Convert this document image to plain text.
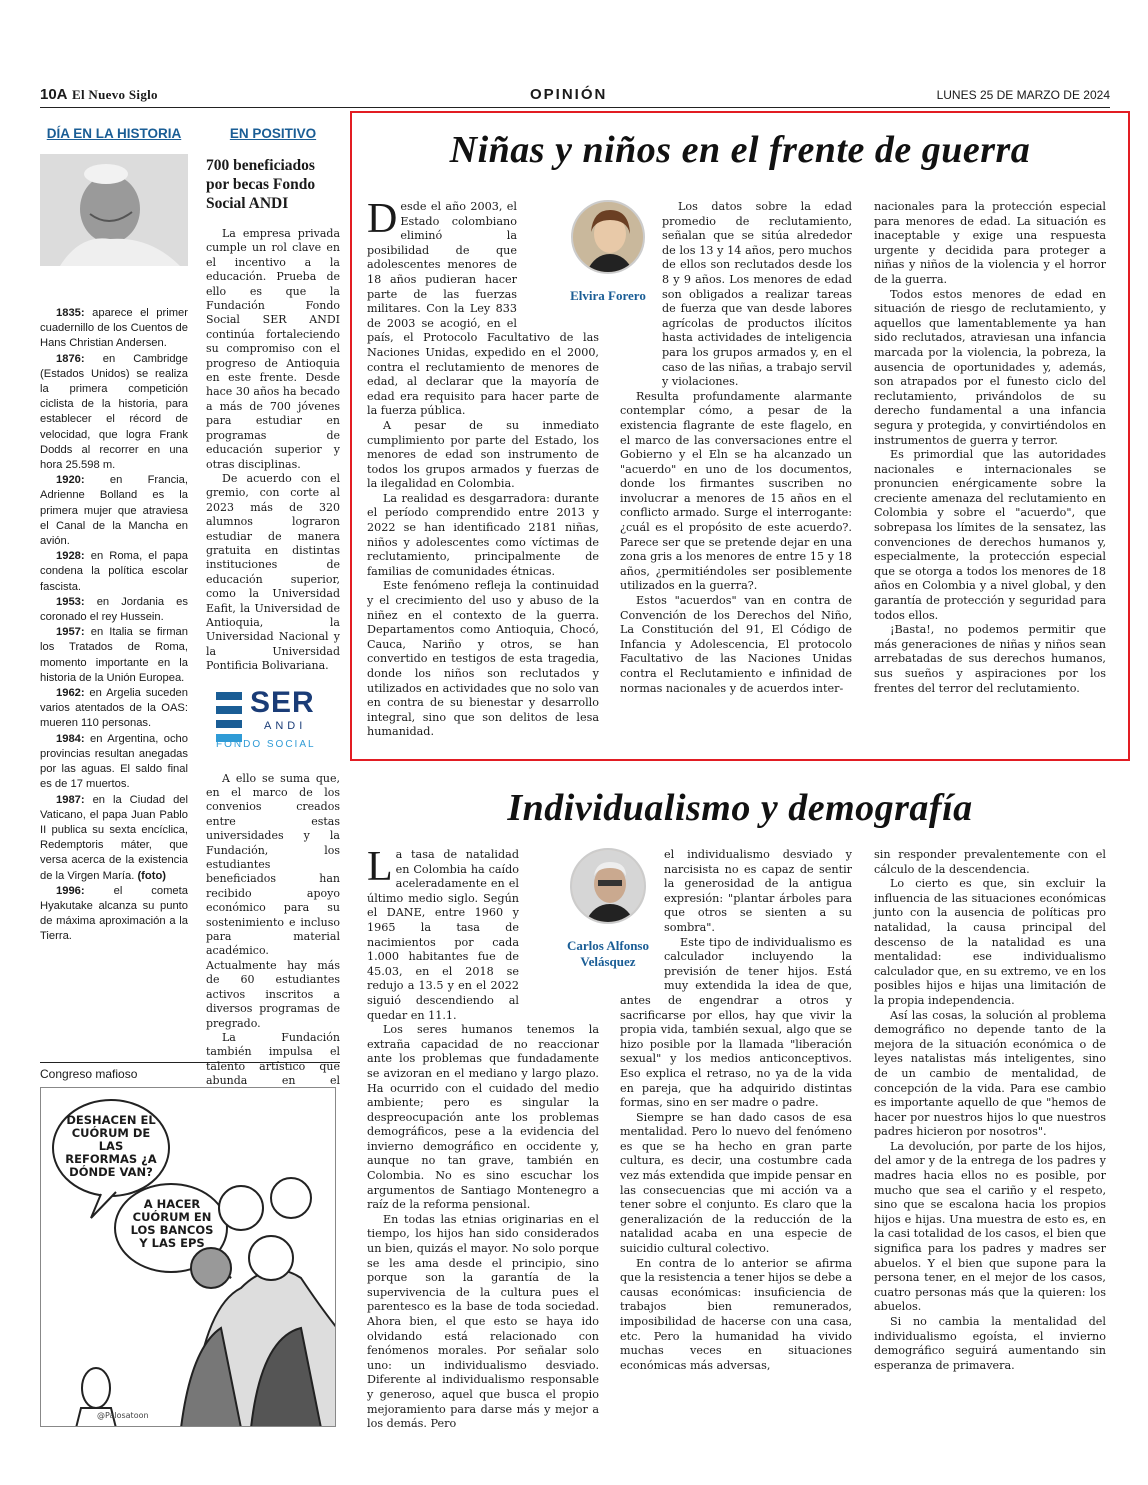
10A El Nuevo Siglo	OPINIÓN	LUNES 25 DE MARZO DE 2024
DÍA EN LA HISTORIA

1835: aparece el primer cuadernillo de los Cuentos de Hans Christian Andersen.

1876: en Cambridge (Estados Unidos) se realiza la primera competición ciclista de la historia, para establecer el récord de velocidad, que logra Frank Dodds al recorrer en una hora 25.598 m.

1920: en Francia, Adrienne Bolland es la primera mujer que atraviesa el Canal de la Mancha en avión.

1928: en Roma, el papa condena la política escolar fascista.

1953: en Jordania es coronado el rey Hussein.

1957: en Italia se firman los Tratados de Roma, momento importante en la historia de la Unión Europea.

1962: en Argelia suceden varios atentados de la OAS: mueren 110 personas.

1984: en Argentina, ocho provincias resultan anegadas por las aguas. El saldo final es de 17 muertos.

1987: en la Ciudad del Vaticano, el papa Juan Pablo II publica su sexta encíclica, Redemptoris máter, que versa acerca de la existencia de la Virgen María. (foto)

1996: el cometa Hyakutake alcanza su punto de máxima aproximación a la Tierra.

EN POSITIVO
700 beneficiados por becas Fondo Social ANDI

La empresa privada cumple un rol clave en el incentivo a la educación. Prueba de ello es que la Fundación Fondo Social SER ANDI continúa fortaleciendo su compromiso con el progreso de Antioquia en este frente. Desde hace 30 años ha becado a más de 700 jóvenes para estudiar en programas de educación superior y otras disciplinas.

De acuerdo con el gremio, con corte al 2023 más de 320 alumnos lograron estudiar de manera gratuita en distintas instituciones de educación superior, como la Universidad Eafit, la Universidad de Antioquia, la Universidad Nacional y la Universidad Pontificia Bolivariana.

SER
ANDI
FONDO SOCIAL

A ello se suma que, en el marco de los convenios creados entre estas universidades y la Fundación, los estudiantes beneficiados han recibido apoyo económico para su sostenimiento e incluso para material académico. Actualmente hay más de 60 estudiantes activos inscritos a diversos programas de pregrado.

La Fundación también impulsa el talento artístico que abunda en el

Congreso mafioso
DESHACEN EL CUÓRUM DE LAS REFORMAS ¿A DÓNDE VAN?
A HACER CUÓRUM EN LOS BANCOS Y LAS EPS
@Palosatoon
Niñas y niños en el frente de guerra
D esde el año 2003, el Estado colombiano eliminó la posibilidad de que adolescentes menores de 18 años pudieran hacer parte de las fuerzas militares. Con la Ley 833 de 2003 se acogió, en el país, el Protocolo Facultativo de las Naciones Unidas, expedido en el 2000, contra el reclutamiento de menores de edad, al declarar que la mayoría de edad era requisito para hacer parte de la fuerza pública.

A pesar de su inmediato cumplimiento por parte del Estado, los menores de edad son instrumento de todos los grupos armados y fuerzas de la ilegalidad en Colombia.

La realidad es desgarradora: durante el período comprendido entre 2013 y 2022 se han identificado 2181 niñas, niños y adolescentes como víctimas de reclutamiento, principalmente de familias de comunidades étnicas.

Este fenómeno refleja la continuidad y el crecimiento del uso y abuso de la niñez en el contexto de la guerra. Departamentos como Antioquia, Chocó, Cauca, Nariño y otros, se han convertido en testigos de esta tragedia, donde los niños son reclutados y utilizados en actividades que no solo van en contra de su bienestar y desarrollo integral, sino que son delitos de lesa humanidad.

Elvira Forero

Los datos sobre la edad promedio de reclutamiento, señalan que se sitúa alrededor de los 13 y 14 años, pero muchos de ellos son reclutados desde los 8 y 9 años. Los menores de edad son obligados a realizar tareas de fuerza que van desde labores agrícolas de productos ilícitos hasta actividades de inteligencia para los grupos armados y, en el caso de las niñas, a trabajo servil y violaciones.

Resulta profundamente alarmante contemplar cómo, a pesar de la existencia flagrante de este flagelo, en el marco de las conversaciones entre el Gobierno y el Eln se ha alcanzado un "acuerdo" en uno de los documentos, donde los firmantes suscriben no involucrar a menores de 15 años en el conflicto armado. Surge el interrogante: ¿cuál es el propósito de este acuerdo?. Parece ser que se pretende dejar en una zona gris a los menores de entre 15 y 18 años, ¿permitiéndoles ser posiblemente utilizados en la guerra?.

Estos "acuerdos" van en contra de Convención de los Derechos del Niño, La Constitución del 91, El Código de Infancia y Adolescencia, El protocolo Facultativo de las Naciones Unidas contra el Reclutamiento e infinidad de normas nacionales y de acuerdos inter-

nacionales para la protección especial para menores de edad. La situación es inaceptable y exige una respuesta urgente y decidida para proteger a niñas y niños de la violencia y el horror de la guerra.

Todos estos menores de edad en situación de riesgo de reclutamiento, y aquellos que lamentablemente ya han sido reclutados, atraviesan una infancia marcada por la violencia, la pobreza, la ausencia de oportunidades y, además, son atrapados por el funesto ciclo del reclutamiento, privándolos de su derecho fundamental a una infancia segura y protegida, y convirtiéndolos en instrumentos de guerra y terror.

Es primordial que las autoridades nacionales e internacionales se pronuncien enérgicamente sobre la creciente amenaza del reclutamiento en Colombia y sobre el "acuerdo", que sobrepasa los límites de la sensatez, las convenciones de derechos humanos y, especialmente, la protección especial que se otorga a todos los menores de 18 años en Colombia y a nivel global, y den garantía de protección y seguridad para todos ellos.

¡Basta!, no podemos permitir que más generaciones de niñas y niños sean arrebatadas de sus derechos humanos, sus sueños y aspiraciones por los frentes del terror del reclutamiento.

Individualismo y demografía
L a tasa de natalidad en Colombia ha caído aceleradamente en el último medio siglo. Según el DANE, entre 1960 y 1965 la tasa de nacimientos por cada 1.000 habitantes fue de 45.03, en el 2018 se redujo a 13.5 y en el 2022 siguió descendiendo al quedar en 11.1.

Los seres humanos tenemos la extraña capacidad de no reaccionar ante los problemas que fundadamente se avizoran en el mediano y largo plazo. Ha ocurrido con el cuidado del medio ambiente; pero es singular la despreocupación ante los problemas demográficos, pese a la evidencia del invierno demográfico en occidente y, aunque no tan grave, también en Colombia. No es sino escuchar los argumentos de Santiago Montenegro a raíz de la reforma pensional.

En todas las etnias originarias en el tiempo, los hijos han sido considerados un bien, quizás el mayor. No solo porque se les ama desde el principio, sino porque son la garantía de la supervivencia de la cultura pues el parentesco es la base de toda sociedad. Ahora bien, el que esto se haya ido olvidando está relacionado con fenómenos morales. Por señalar solo uno: un individualismo desviado. Diferente al individualismo responsable y generoso, aquel que busca el propio mejoramiento para darse más y mejor a los demás. Pero

Carlos Alfonso Velásquez

el individualismo desviado y narcisista no es capaz de sentir la generosidad de la antigua expresión: "plantar árboles para que otros se sienten a su sombra".

Este tipo de individualismo es calculador incluyendo la previsión de tener hijos. Está muy extendida la idea de que, antes de engendrar a otros y sacrificarse por ellos, hay que vivir la propia vida, también sexual, algo que se hizo posible por la llamada "liberación sexual" y los medios anticonceptivos. Eso explica el retraso, no ya de la vida en pareja, que ha adquirido distintas formas, sino en ser madre o padre.

Siempre se han dado casos de esa mentalidad. Pero lo nuevo del fenómeno es que se ha hecho en gran parte cultura, es decir, una costumbre cada vez más extendida que impide pensar en las consecuencias que mi acción va a tener sobre el conjunto. Es claro que la generalización de la reducción de la natalidad acaba en una especie de suicidio cultural colectivo.

En contra de lo anterior se afirma que la resistencia a tener hijos se debe a causas económicas: insuficiencia de trabajos bien remunerados, imposibilidad de hacerse con una casa, etc. Pero la humanidad ha vivido muchas veces en situaciones económicas más adversas,

sin responder prevalentemente con el cálculo de la descendencia.

Lo cierto es que, sin excluir la influencia de las situaciones económicas junto con la ausencia de políticas pro natalidad, la causa principal del descenso de la natalidad es una mentalidad: ese individualismo calculador que, en su extremo, ve en los posibles hijos e hijas una limitación de la propia independencia.

Así las cosas, la solución al problema demográfico no depende tanto de la mejora de la situación económica o de leyes natalistas más inteligentes, sino de un cambio de mentalidad, de concepción de la vida. Para ese cambio es importante aquello de que "hemos de hacer por nuestros hijos lo que nuestros padres hicieron por nosotros".

La devolución, por parte de los hijos, del amor y de la entrega de los padres y madres hacia ellos no es posible, por mucho que sea el cariño y el respeto, sino que se escalona hacia los propios hijos e hijas. Una muestra de esto es, en la casi totalidad de los casos, el bien que significa para los padres y madres ser abuelos. Y el bien que supone para la persona tener, en el mejor de los casos, cuatro personas más que la quieren: los abuelos.

Si no cambia la mentalidad del individualismo egoísta, el invierno demográfico seguirá aumentando sin esperanza de primavera.
